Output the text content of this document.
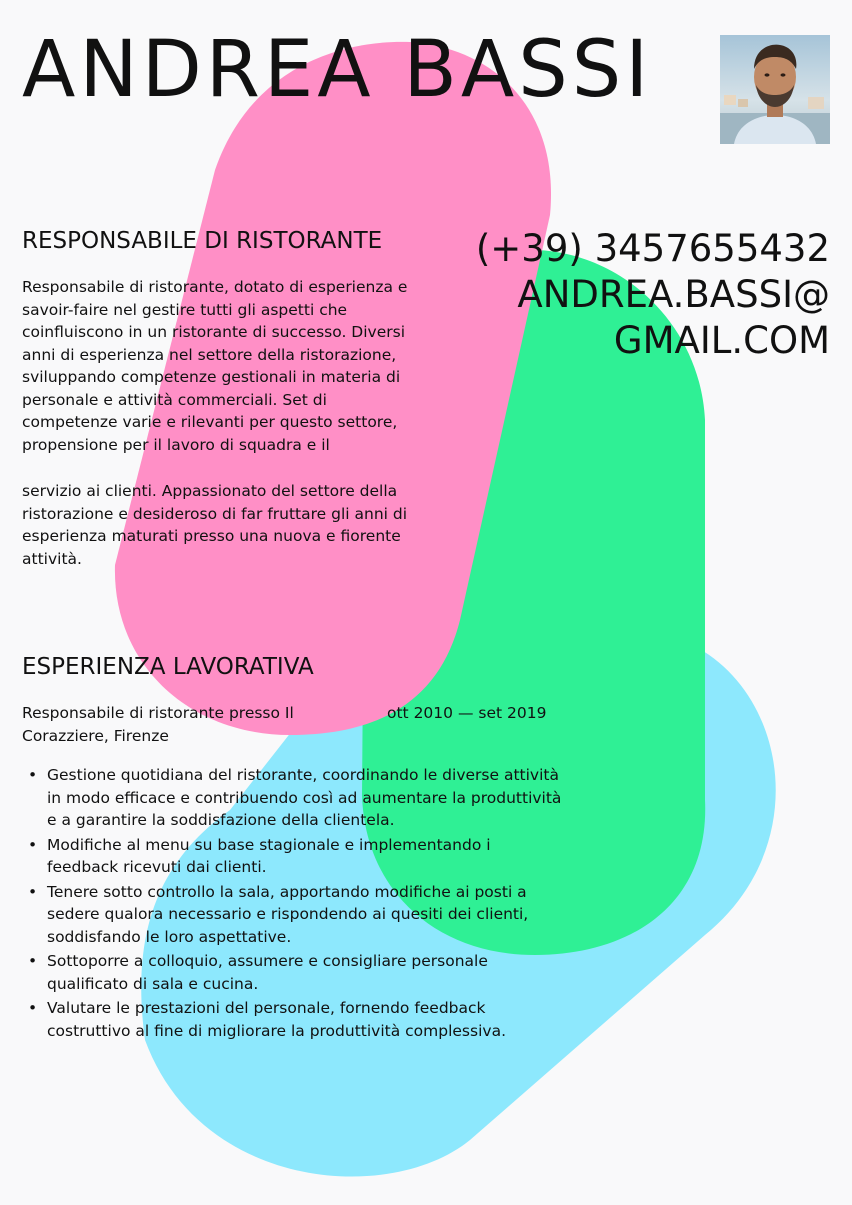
ANDREA BASSI
RESPONSABILE DI RISTORANTE	(+39) 3457655432
ANDREA.BASSI@
GMAIL.COM

Responsabile di ristorante, dotato di esperienza e savoir-faire nel gestire tutti gli aspetti che coinfluiscono in un ristorante di successo. Diversi anni di esperienza nel settore della ristorazione, sviluppando competenze gestionali in materia di personale e attività commerciali. Set di competenze varie e rilevanti per questo settore, propensione per il lavoro di squadra e il

servizio ai clienti. Appassionato del settore della ristorazione e desideroso di far fruttare gli anni di esperienza maturati presso una nuova e fiorente attività.

ESPERIENZA LAVORATIVA
Responsabile di ristorante presso Il Corazziere, Firenze
ott 2010 — set 2019
• Gestione quotidiana del ristorante, coordinando le diverse attività in modo efficace e contribuendo così ad aumentare la produttività e a garantire la soddisfazione della clientela.
• Modifiche al menu su base stagionale e implementando i feedback ricevuti dai clienti.
• Tenere sotto controllo la sala, apportando modifiche ai posti a sedere qualora necessario e rispondendo ai quesiti dei clienti, soddisfando le loro aspettative.
• Sottoporre a colloquio, assumere e consigliare personale qualificato di sala e cucina.
• Valutare le prestazioni del personale, fornendo feedback costruttivo al fine di migliorare la produttività complessiva.
